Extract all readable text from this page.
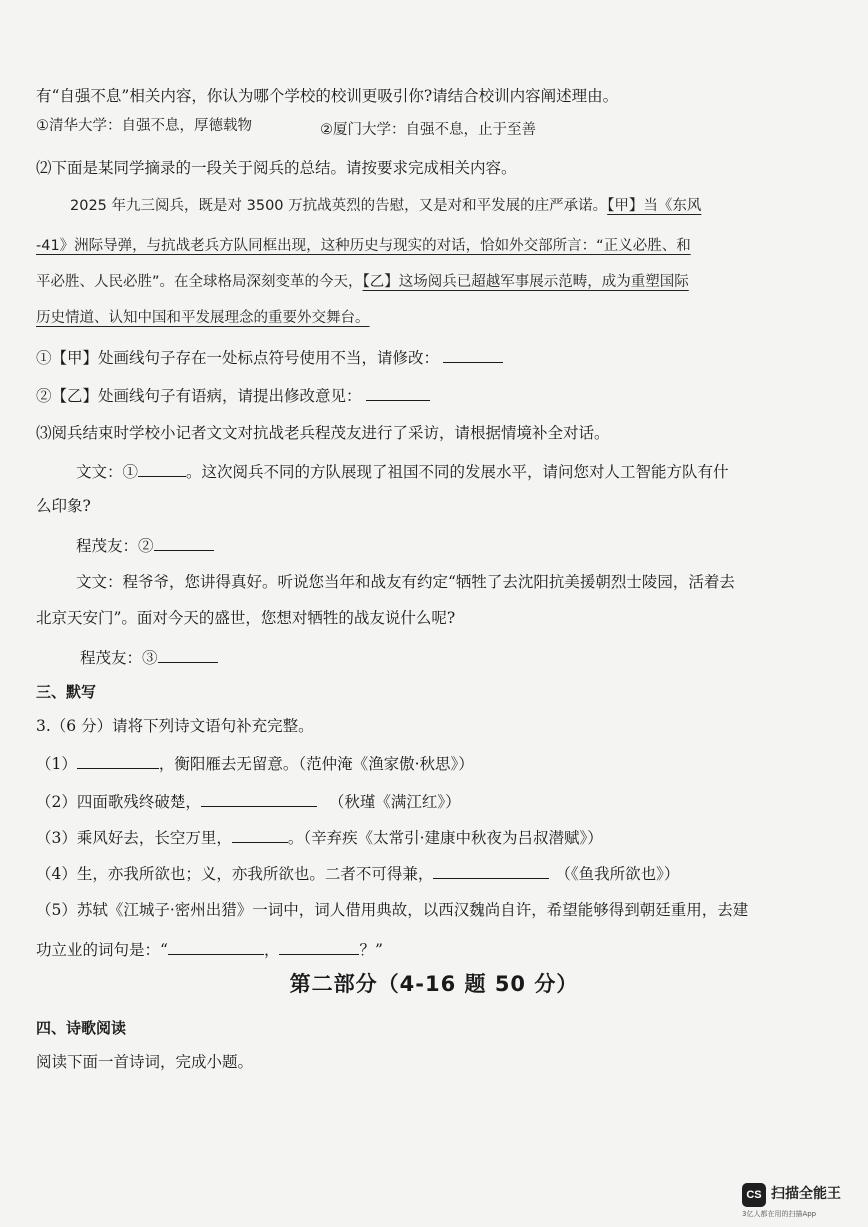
有“自强不息”相关内容，你认为哪个学校的校训更吸引你?请结合校训内容阐述理由。
①清华大学：自强不息，厚德载物	②厦门大学：自强不息，止于至善
⑵下面是某同学摘录的一段关于阅兵的总结。请按要求完成相关内容。
2025 年九三阅兵，既是对 3500 万抗战英烈的告慰，又是对和平发展的庄严承诺。【甲】当《东风
-41》洲际导弹，与抗战老兵方队同框出现，这种历史与现实的对话，恰如外交部所言：“正义必胜、和
平必胜、人民必胜”。在全球格局深刻变革的今天，【乙】这场阅兵已超越军事展示范畴，成为重塑国际
历史情道、认知中国和平发展理念的重要外交舞台。
①【甲】处画线句子存在一处标点符号使用不当，请修改：
②【乙】处画线句子有语病，请提出修改意见：
⑶阅兵结束时学校小记者文文对抗战老兵程茂友进行了采访，请根据情境补全对话。
文文：①	。这次阅兵不同的方队展现了祖国不同的发展水平，请问您对人工智能方队有什
么印象?
程茂友：②
文文：程爷爷，您讲得真好。听说您当年和战友有约定“牺牲了去沈阳抗美援朝烈士陵园，活着去
北京天安门”。面对今天的盛世，您想对牺牲的战友说什么呢?
程茂友：③
三、默写
3.（6 分）请将下列诗文语句补充完整。
（1）	，衡阳雁去无留意。（范仲淹《渔家傲·秋思》）
（2）四面歌残终破楚，	（秋瑾《满江红》）
（3）乘风好去，长空万里，	。（辛弃疾《太常引·建康中秋夜为吕叔潜赋》）
（4）生，亦我所欲也；义，亦我所欲也。二者不可得兼，	（《鱼我所欲也》）
（5）苏轼《江城子·密州出猎》一词中，词人借用典故，以西汉魏尚自许，希望能够得到朝廷重用，去建
功立业的词句是：“	，	？”
第二部分（4-16 题 50 分）
四、诗歌阅读
阅读下面一首诗词，完成小题。
CS 扫描全能王
3亿人都在用的扫描App
